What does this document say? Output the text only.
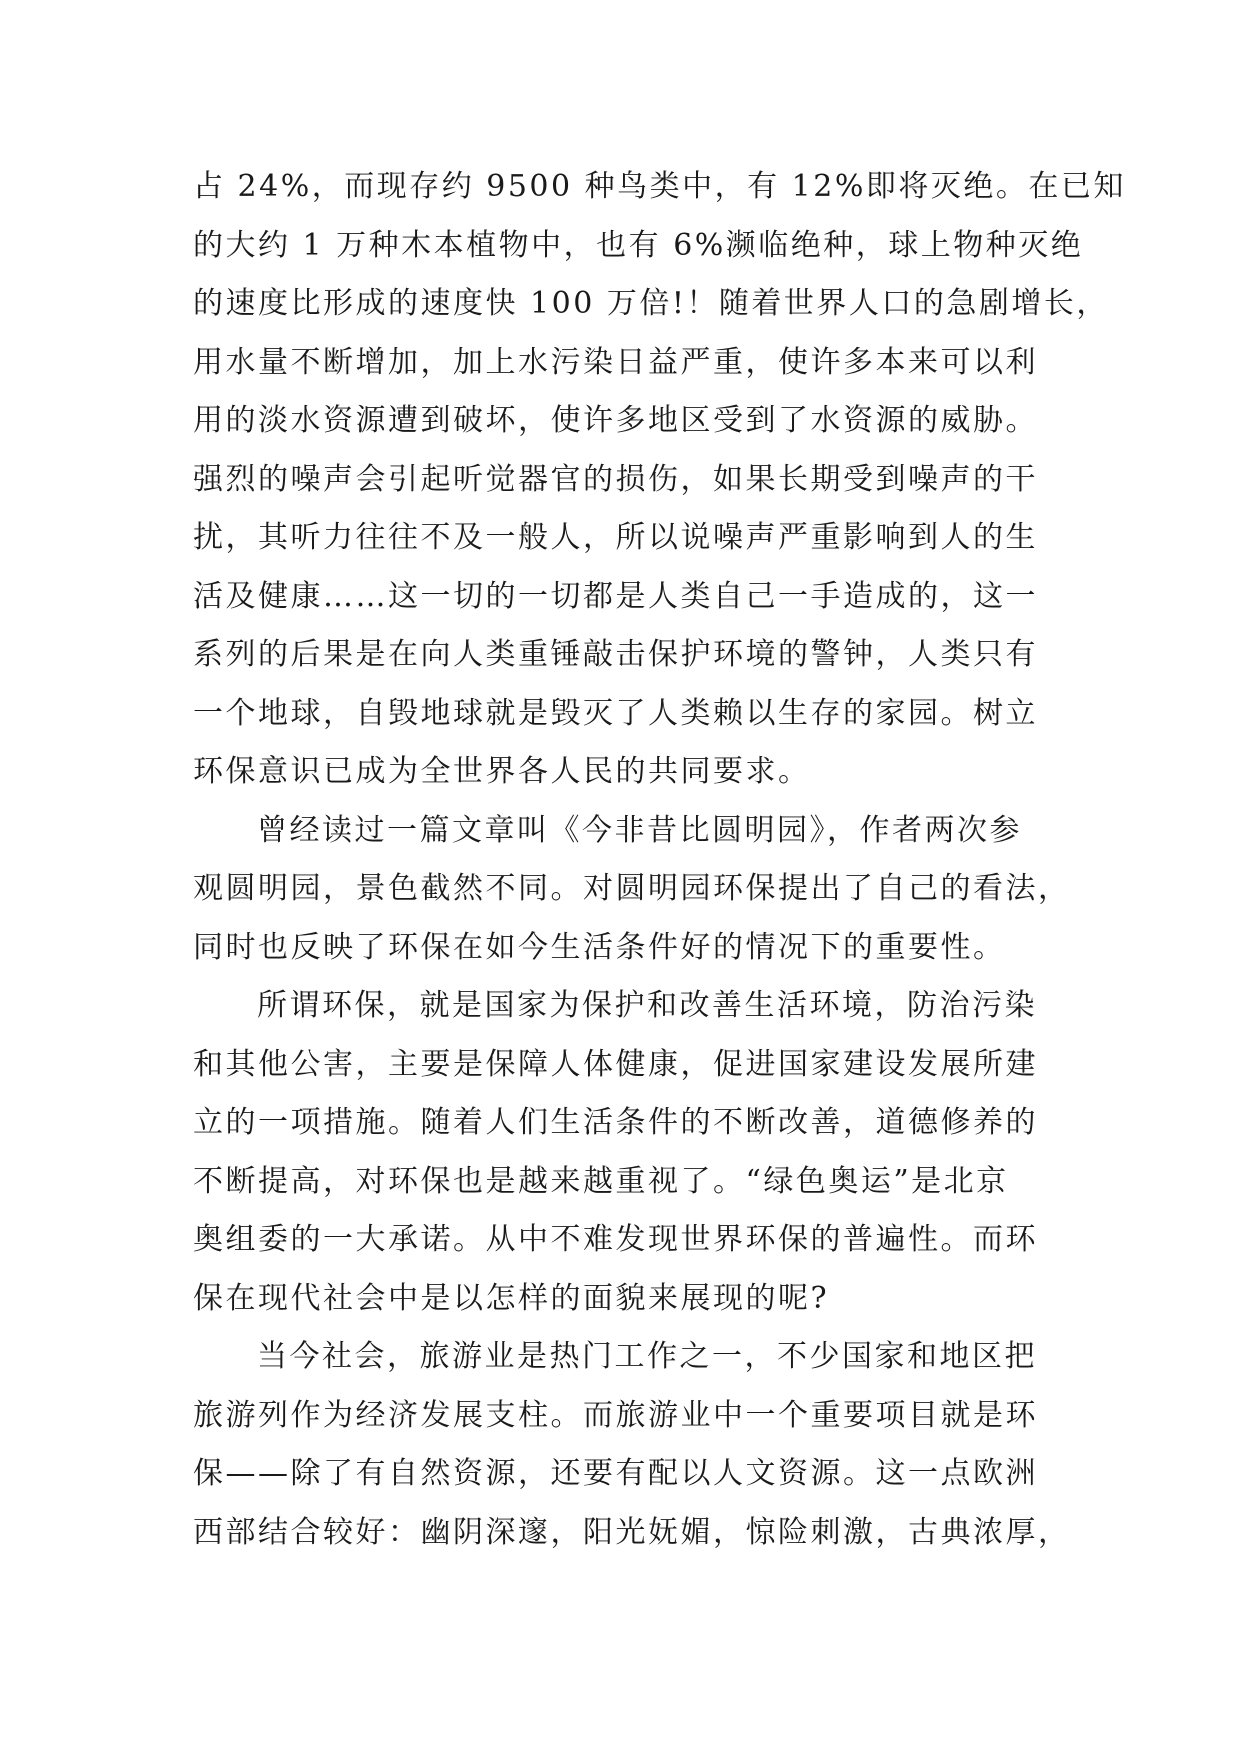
占 24%，而现存约 9500 种鸟类中，有 12%即将灭绝。在已知
的大约 1 万种木本植物中，也有 6%濒临绝种，球上物种灭绝
的速度比形成的速度快 100 万倍!！随着世界人口的急剧增长，
用水量不断增加，加上水污染日益严重，使许多本来可以利
用的淡水资源遭到破坏，使许多地区受到了水资源的威胁。
强烈的噪声会引起听觉器官的损伤，如果长期受到噪声的干
扰，其听力往往不及一般人，所以说噪声严重影响到人的生
活及健康……这一切的一切都是人类自己一手造成的，这一
系列的后果是在向人类重锤敲击保护环境的警钟，人类只有
一个地球，自毁地球就是毁灭了人类赖以生存的家园。树立
环保意识已成为全世界各人民的共同要求。
曾经读过一篇文章叫《今非昔比圆明园》，作者两次参
观圆明园，景色截然不同。对圆明园环保提出了自己的看法，
同时也反映了环保在如今生活条件好的情况下的重要性。
所谓环保，就是国家为保护和改善生活环境，防治污染
和其他公害，主要是保障人体健康，促进国家建设发展所建
立的一项措施。随着人们生活条件的不断改善，道德修养的
不断提高，对环保也是越来越重视了。“绿色奥运”是北京
奥组委的一大承诺。从中不难发现世界环保的普遍性。而环
保在现代社会中是以怎样的面貌来展现的呢?
当今社会，旅游业是热门工作之一，不少国家和地区把
旅游列作为经济发展支柱。而旅游业中一个重要项目就是环
保——除了有自然资源，还要有配以人文资源。这一点欧洲
西部结合较好：幽阴深邃，阳光妩媚，惊险刺激，古典浓厚，
